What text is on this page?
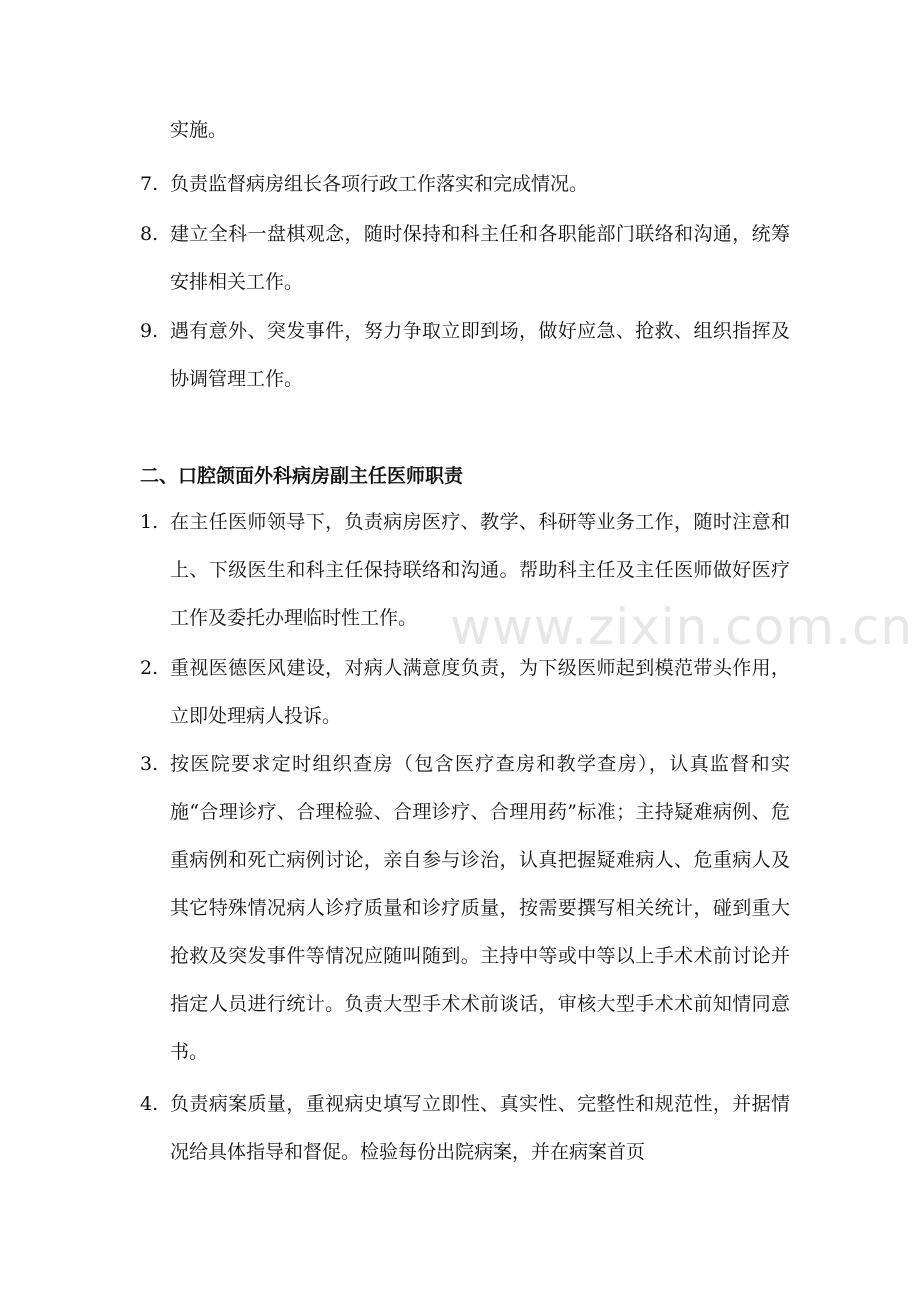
实施。
7. 负责监督病房组长各项行政工作落实和完成情况。
8. 建立全科一盘棋观念，随时保持和科主任和各职能部门联络和沟通，统筹安排相关工作。
9. 遇有意外、突发事件，努力争取立即到场，做好应急、抢救、组织指挥及协调管理工作。
二、口腔颌面外科病房副主任医师职责
1. 在主任医师领导下，负责病房医疗、教学、科研等业务工作，随时注意和上、下级医生和科主任保持联络和沟通。帮助科主任及主任医师做好医疗工作及委托办理临时性工作。
2. 重视医德医风建设，对病人满意度负责，为下级医师起到模范带头作用，立即处理病人投诉。
3. 按医院要求定时组织查房（包含医疗查房和教学查房），认真监督和实施“合理诊疗、合理检验、合理诊疗、合理用药”标准；主持疑难病例、危重病例和死亡病例讨论，亲自参与诊治，认真把握疑难病人、危重病人及其它特殊情况病人诊疗质量和诊疗质量，按需要撰写相关统计，碰到重大抢救及突发事件等情况应随叫随到。主持中等或中等以上手术术前讨论并指定人员进行统计。负责大型手术术前谈话，审核大型手术术前知情同意书。
4. 负责病案质量，重视病史填写立即性、真实性、完整性和规范性，并据情况给具体指导和督促。检验每份出院病案，并在病案首页
www.zixin.com.cn
